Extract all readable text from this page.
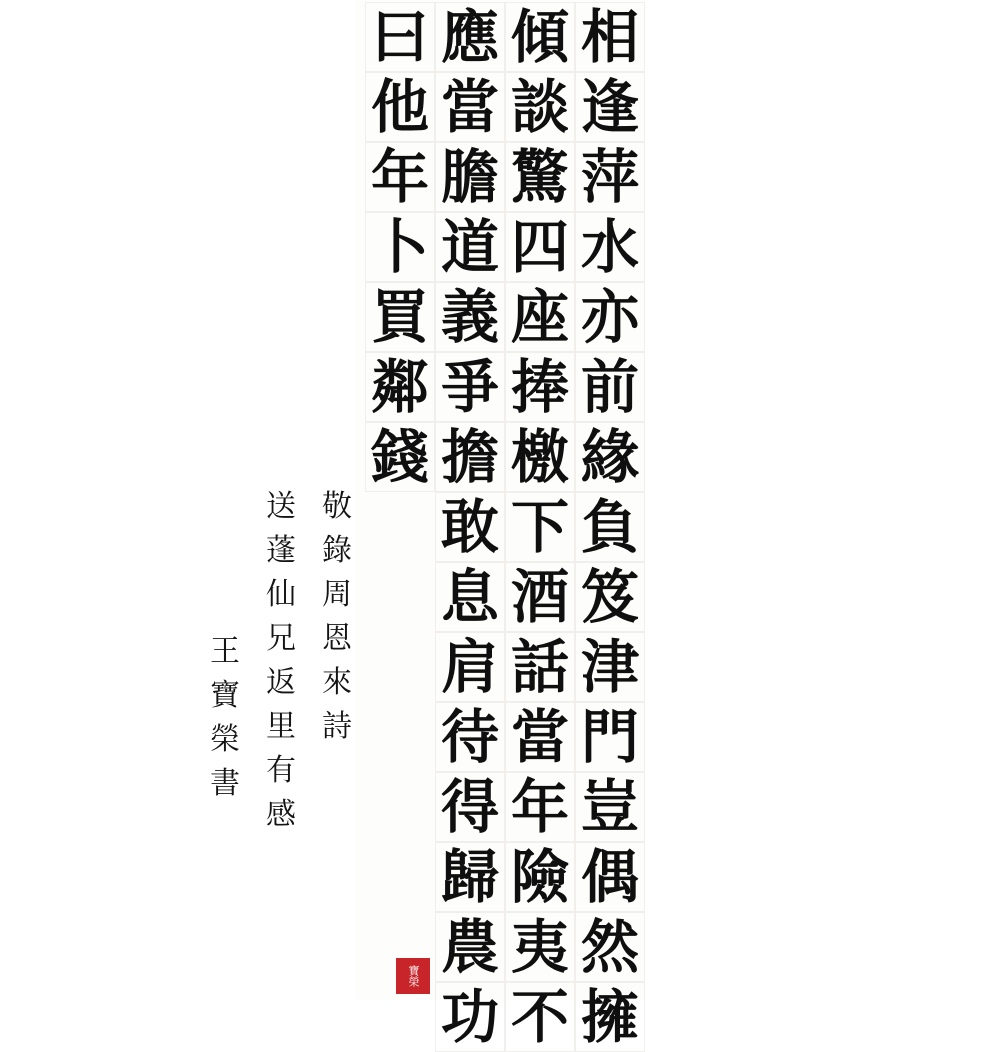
相
逢
萍
水
亦
前
緣
負
笈
津
門
豈
偶
然
擁
傾
談
驚
四
座
捧
檄
下
酒
話
當
年
險
夷
不
應
當
膽
道
義
爭
擔
敢
息
肩
待
得
歸
農
功
曰
他
年
卜
買
鄰
錢
敬
錄
周
恩
來
詩
送
蓬
仙
兄
返
里
有
感
王
寶
榮
書
寶榮
